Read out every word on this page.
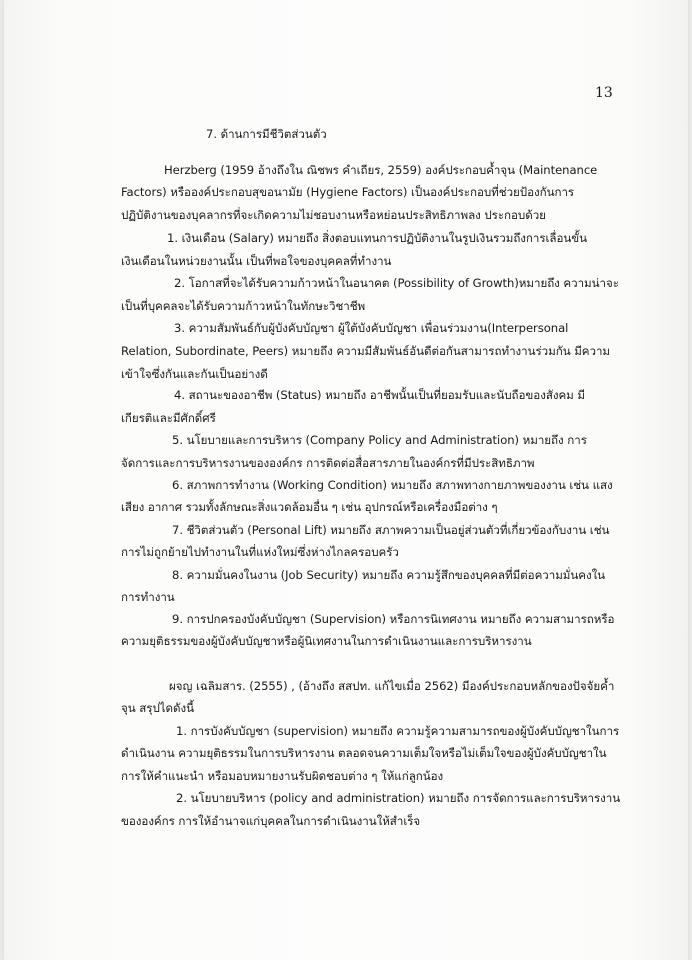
13
7. ด้านการมีชีวิตส่วนตัว
Herzberg (1959 อ้างถึงใน ณิชพร คำเถียร, 2559) องค์ประกอบค้ำจุน (Maintenance
Factors) หรือองค์ประกอบสุขอนามัย (Hygiene Factors) เป็นองค์ประกอบที่ช่วยป้องกันการ
ปฏิบัติงานของบุคลากรที่จะเกิดความไม่ชอบงานหรือหย่อนประสิทธิภาพลง ประกอบด้วย
1. เงินเดือน (Salary) หมายถึง สิ่งตอบแทนการปฏิบัติงานในรูปเงินรวมถึงการเลื่อนขั้น
เงินเดือนในหน่วยงานนั้น เป็นที่พอใจของบุคคลที่ทำงาน
2. โอกาสที่จะได้รับความก้าวหน้าในอนาคต (Possibility of Growth)หมายถึง ความน่าจะ
เป็นที่บุคคลจะได้รับความก้าวหน้าในทักษะวิชาชีพ
3. ความสัมพันธ์กับผู้บังคับบัญชา ผู้ใต้บังคับบัญชา เพื่อนร่วมงาน(Interpersonal
Relation, Subordinate, Peers) หมายถึง ความมีสัมพันธ์อันดีต่อกันสามารถทำงานร่วมกัน มีความ
เข้าใจซึ่งกันและกันเป็นอย่างดี
4. สถานะของอาชีพ (Status) หมายถึง อาชีพนั้นเป็นที่ยอมรับและนับถือของสังคม มี
เกียรติและมีศักดิ์ศรี
5. นโยบายและการบริหาร (Company Policy and Administration) หมายถึง การ
จัดการและการบริหารงานขององค์กร การติดต่อสื่อสารภายในองค์กรที่มีประสิทธิภาพ
6. สภาพการทำงาน (Working Condition) หมายถึง สภาพทางกายภาพของงาน เช่น แสง
เสียง อากาศ รวมทั้งลักษณะสิ่งแวดล้อมอื่น ๆ เช่น อุปกรณ์หรือเครื่องมือต่าง ๆ
7. ชีวิตส่วนตัว (Personal Lift) หมายถึง สภาพความเป็นอยู่ส่วนตัวที่เกี่ยวข้องกับงาน เช่น
การไม่ถูกย้ายไปทำงานในที่แห่งใหม่ซึ่งห่างไกลครอบครัว
8. ความมั่นคงในงาน (Job Security) หมายถึง ความรู้สึกของบุคคลที่มีต่อความมั่นคงใน
การทำงาน
9. การปกครองบังคับบัญชา (Supervision) หรือการนิเทศงาน หมายถึง ความสามารถหรือ
ความยุติธรรมของผู้บังคับบัญชาหรือผู้นิเทศงานในการดำเนินงานและการบริหารงาน
ผจญ เฉลิมสาร. (2555) , (อ้างถึง สสปท. แก้ไขเมื่อ 2562) มีองค์ประกอบหลักของปัจจัยค้ำ
จุน สรุปไดดังนี้
1. การบังคับบัญชา (supervision) หมายถึง ความรู้ความสามารถของผู้บังคับบัญชาในการ
ดำเนินงาน ความยุติธรรมในการบริหารงาน ตลอดจนความเต็มใจหรือไม่เต็มใจของผู้บังคับบัญชาใน
การให้คำแนะนำ หรือมอบหมายงานรับผิดชอบต่าง ๆ ให้แก่ลูกน้อง
2. นโยบายบริหาร (policy and administration) หมายถึง การจัดการและการบริหารงาน
ขององค์กร การให้อำนาจแก่บุคคลในการดำเนินงานให้สำเร็จ
